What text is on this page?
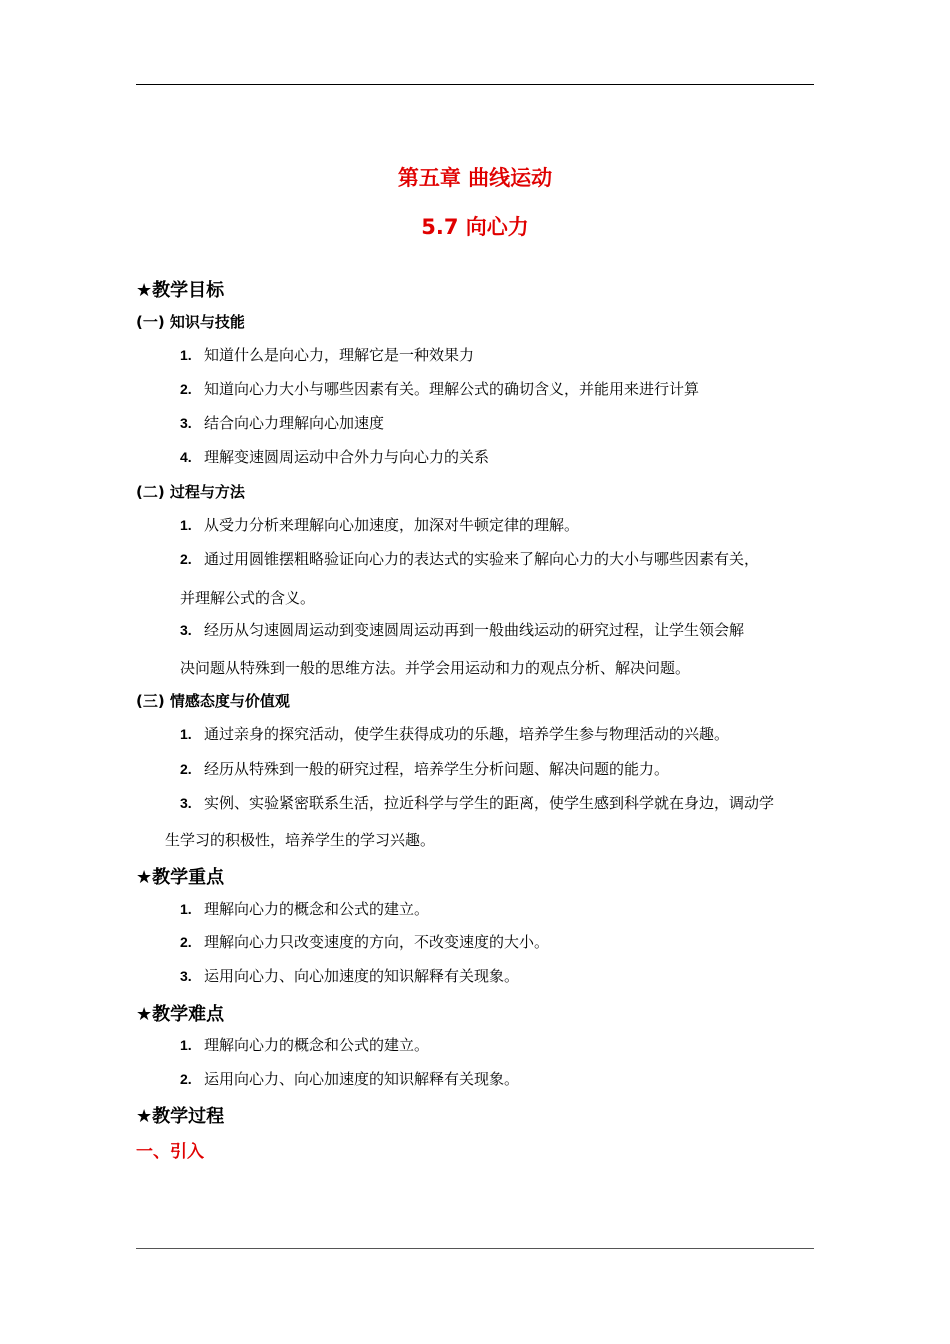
第五章 曲线运动
5.7 向心力
★教学目标
(一) 知识与技能
1. 知道什么是向心力，理解它是一种效果力
2. 知道向心力大小与哪些因素有关。理解公式的确切含义，并能用来进行计算
3. 结合向心力理解向心加速度
4. 理解变速圆周运动中合外力与向心力的关系
(二) 过程与方法
1. 从受力分析来理解向心加速度，加深对牛顿定律的理解。
2. 通过用圆锥摆粗略验证向心力的表达式的实验来了解向心力的大小与哪些因素有关，
并理解公式的含义。
3. 经历从匀速圆周运动到变速圆周运动再到一般曲线运动的研究过程，让学生领会解
决问题从特殊到一般的思维方法。并学会用运动和力的观点分析、解决问题。
(三) 情感态度与价值观
1. 通过亲身的探究活动，使学生获得成功的乐趣，培养学生参与物理活动的兴趣。
2. 经历从特殊到一般的研究过程，培养学生分析问题、解决问题的能力。
3. 实例、实验紧密联系生活，拉近科学与学生的距离，使学生感到科学就在身边，调动学
生学习的积极性，培养学生的学习兴趣。
★教学重点
1. 理解向心力的概念和公式的建立。
2. 理解向心力只改变速度的方向，不改变速度的大小。
3. 运用向心力、向心加速度的知识解释有关现象。
★教学难点
1. 理解向心力的概念和公式的建立。
2. 运用向心力、向心加速度的知识解释有关现象。
★教学过程
一、引入
